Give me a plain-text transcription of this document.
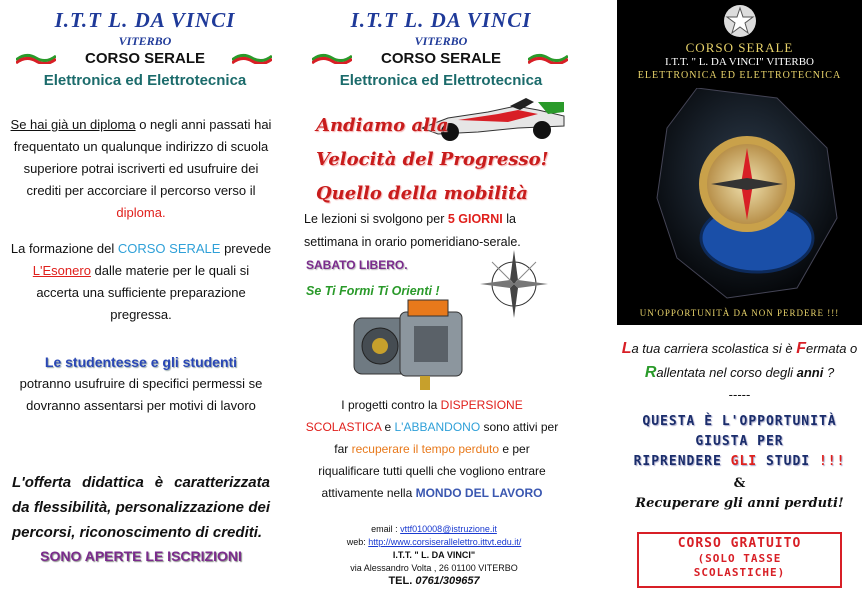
I.T.T L. DA VINCI
VITERBO
CORSO SERALE
Elettronica ed Elettrotecnica
Se hai già un diploma o negli anni passati hai frequentato un qualunque indirizzo di scuola superiore potrai iscriverti ed usufruire dei crediti per accorciare il percorso verso il diploma.
La formazione del CORSO SERALE prevede L'Esonero dalle materie per le quali si accerta una sufficiente preparazione pregressa.
Le studentesse e gli studenti
potranno usufruire di specifici permessi se dovranno assentarsi per motivi di lavoro
L'offerta didattica è caratterizzata da flessibilità, personalizzazione dei percorsi, riconoscimento di crediti.
SONO APERTE LE ISCRIZIONI
I.T.T L. DA VINCI
VITERBO
CORSO SERALE
Elettronica ed Elettrotecnica
Andiamo alla
Velocità del Progresso!
Quello della mobilità
Le lezioni si svolgono per 5 GIORNI la settimana in orario pomeridiano-serale.
SABATO LIBERO.
Se Ti Formi Ti Orienti !
I progetti contro la DISPERSIONE SCOLASTICA e L'ABBANDONO sono attivi per far recuperare il tempo perduto e per riqualificare tutti quelli che vogliono entrare attivamente nella MONDO DEL LAVORO
email : vttf010008@istruzione.it
web: http://www.corsiserallelettro.ittvt.edu.it/
I.T.T. " L. DA VINCI"
via Alessandro Volta , 26 01100 VITERBO
TEL. 0761/309657
CORSO SERALE
I.T.T. " L. DA VINCI" VITERBO
ELETTRONICA ED ELETTROTECNICA
UN'OPPORTUNITÀ DA NON PERDERE !!!
La tua carriera scolastica si è Fermata o
Rallentata nel corso degli anni ?
-----
QUESTA È L'OPPORTUNITÀ
GIUSTA PER
RIPRENDERE GLI STUDI !!!
&
Recuperare gli anni perduti!
CORSO GRATUITO
(SOLO TASSE
SCOLASTICHE)
